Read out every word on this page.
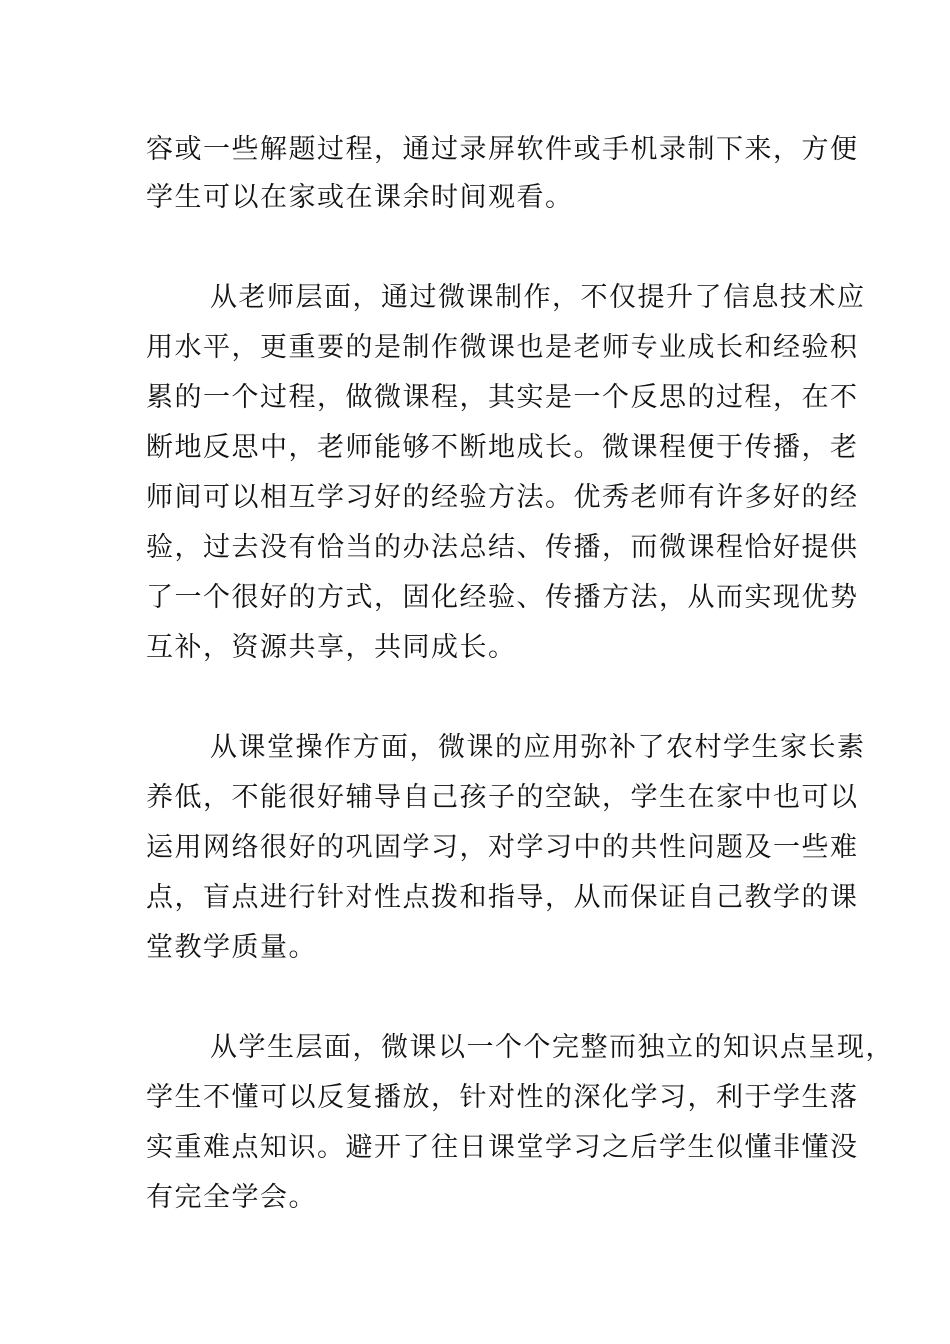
容或一些解题过程，通过录屏软件或手机录制下来，方便
学生可以在家或在课余时间观看。
从老师层面，通过微课制作，不仅提升了信息技术应
用水平，更重要的是制作微课也是老师专业成长和经验积
累的一个过程，做微课程，其实是一个反思的过程，在不
断地反思中，老师能够不断地成长。微课程便于传播，老
师间可以相互学习好的经验方法。优秀老师有许多好的经
验，过去没有恰当的办法总结、传播，而微课程恰好提供
了一个很好的方式，固化经验、传播方法，从而实现优势
互补，资源共享，共同成长。
从课堂操作方面，微课的应用弥补了农村学生家长素
养低，不能很好辅导自己孩子的空缺，学生在家中也可以
运用网络很好的巩固学习，对学习中的共性问题及一些难
点，盲点进行针对性点拨和指导，从而保证自己教学的课
堂教学质量。
从学生层面，微课以一个个完整而独立的知识点呈现，
学生不懂可以反复播放，针对性的深化学习，利于学生落
实重难点知识。避开了往日课堂学习之后学生似懂非懂没
有完全学会。
